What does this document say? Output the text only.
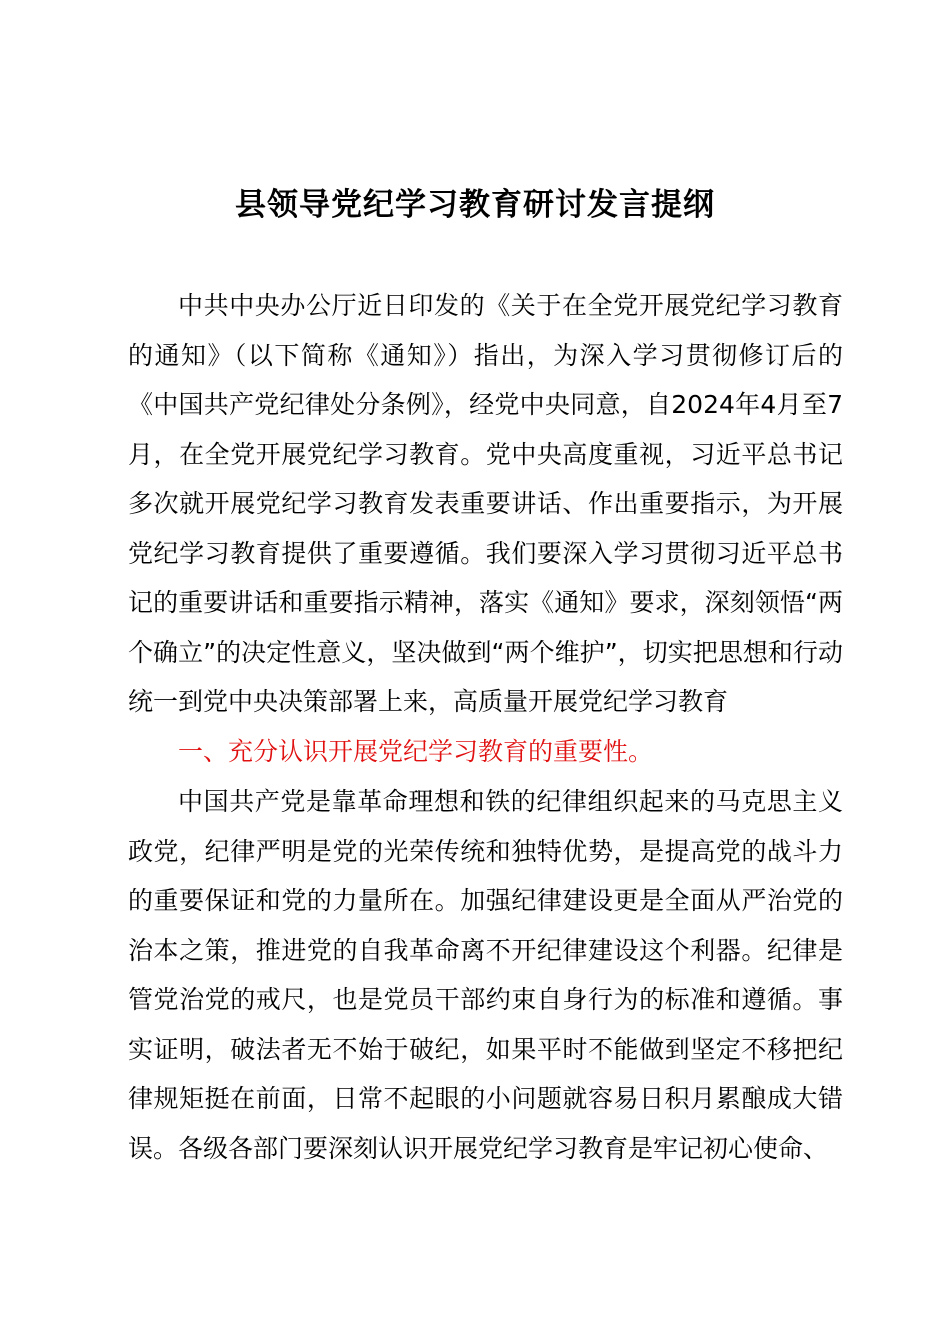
县领导党纪学习教育研讨发言提纲

中共中央办公厅近日印发的《关于在全党开展党纪学习教育的通知》（以下简称《通知》）指出，为深入学习贯彻修订后的《中国共产党纪律处分条例》，经党中央同意，自2024年4月至7月，在全党开展党纪学习教育。党中央高度重视，习近平总书记多次就开展党纪学习教育发表重要讲话、作出重要指示，为开展党纪学习教育提供了重要遵循。我们要深入学习贯彻习近平总书记的重要讲话和重要指示精神，落实《通知》要求，深刻领悟“两个确立”的决定性意义，坚决做到“两个维护”，切实把思想和行动统一到党中央决策部署上来，高质量开展党纪学习教育

一、充分认识开展党纪学习教育的重要性。

中国共产党是靠革命理想和铁的纪律组织起来的马克思主义政党，纪律严明是党的光荣传统和独特优势，是提高党的战斗力的重要保证和党的力量所在。加强纪律建设更是全面从严治党的治本之策，推进党的自我革命离不开纪律建设这个利器。纪律是管党治党的戒尺，也是党员干部约束自身行为的标准和遵循。事实证明，破法者无不始于破纪，如果平时不能做到坚定不移把纪律规矩挺在前面，日常不起眼的小问题就容易日积月累酿成大错误。各级各部门要深刻认识开展党纪学习教育是牢记初心使命、
